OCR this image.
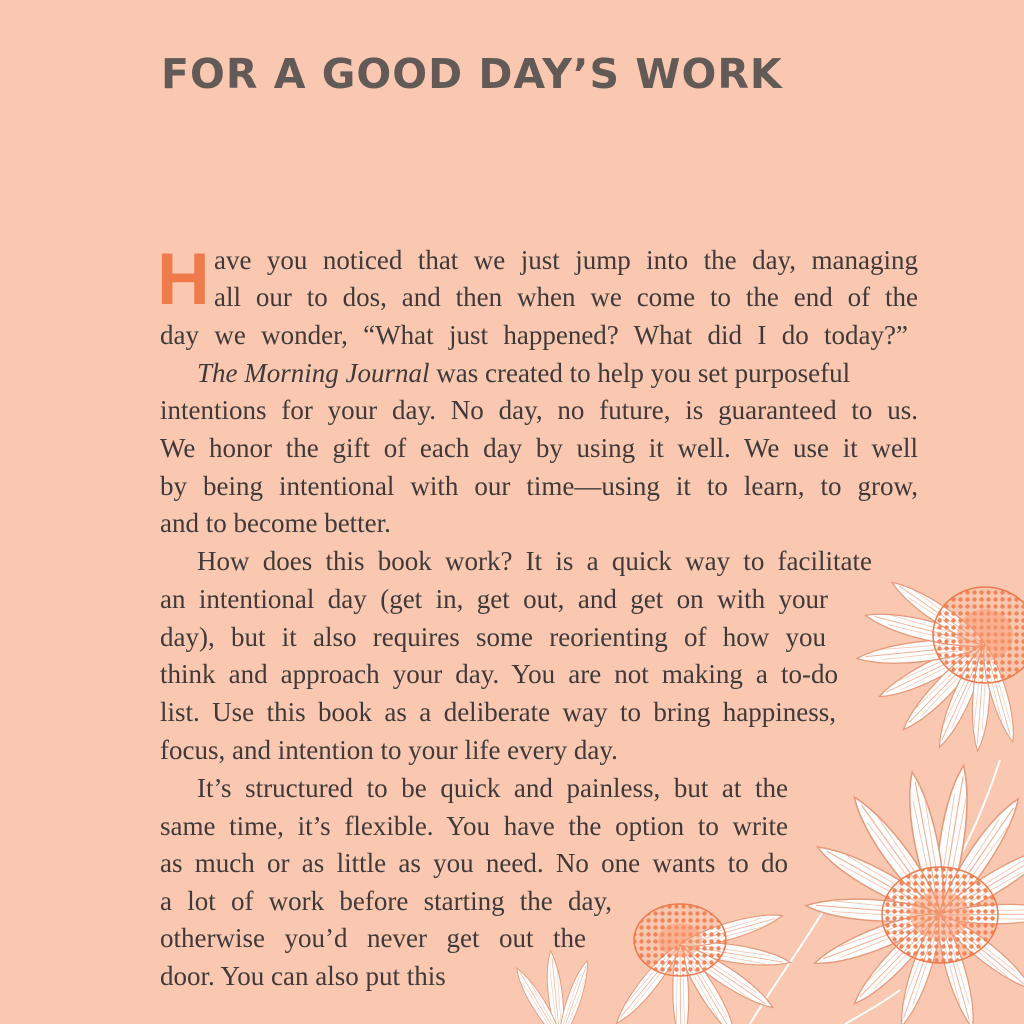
FOR A GOOD DAY’S WORK
H ave you noticed that we just jump into the day, managing

all our to dos, and then when we come to the end of the

day we wonder, “What just happened? What did I do today?”

The Morning Journal was created to help you set purposeful

intentions for your day. No day, no future, is guaranteed to us.

We honor the gift of each day by using it well. We use it well

by being intentional with our time—using it to learn, to grow,

and to become better.

How does this book work? It is a quick way to facilitate

an intentional day (get in, get out, and get on with your

day), but it also requires some reorienting of how you

think and approach your day. You are not making a to-do

list. Use this book as a deliberate way to bring happiness,

focus, and intention to your life every day.

It’s structured to be quick and painless, but at the

same time, it’s flexible. You have the option to write

as much or as little as you need. No one wants to do

a lot of work before starting the day,

otherwise you’d never get out the

door. You can also put this
